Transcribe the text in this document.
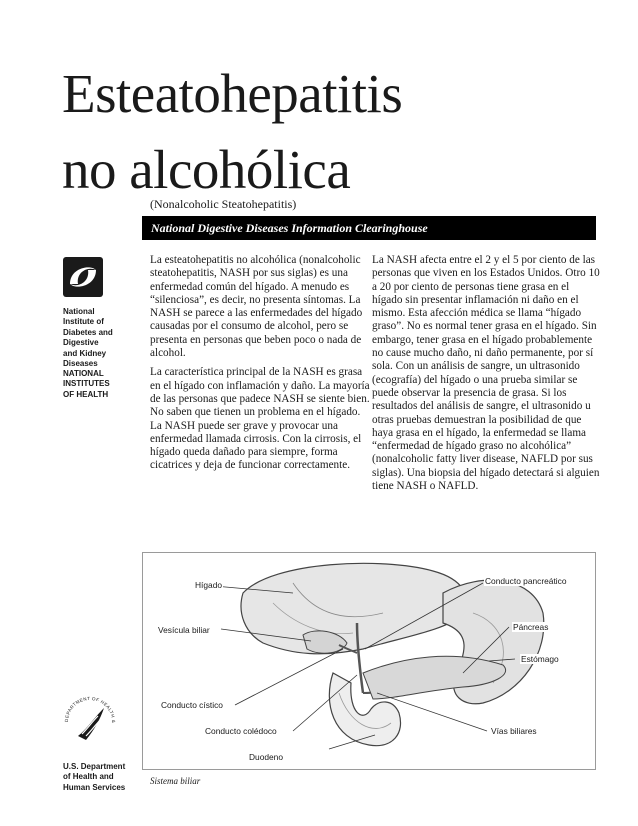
Esteatohepatitis
no alcohólica
(Nonalcoholic Steatohepatitis)
National Digestive Diseases Information Clearinghouse
National
Institute of
Diabetes and
Digestive
and Kidney
Diseases
NATIONAL
INSTITUTES
OF HEALTH
DEPARTMENT OF HEALTH &
U.S. Department
of Health and
Human Services

La esteatohepatitis no alcohólica (nonalcoholic steatohepatitis, NASH por sus siglas) es una enfermedad común del hígado. A menudo es “silenciosa”, es decir, no presenta síntomas. La NASH se parece a las enfermedades del hígado causadas por el consumo de alcohol, pero se presenta en personas que beben poco o nada de alcohol.

La característica principal de la NASH es grasa en el hígado con inflamación y daño. La mayoría de las personas que padece NASH se siente bien. No saben que tienen un problema en el hígado. La NASH puede ser grave y provocar una enfermedad llamada cirrosis. Con la cirrosis, el hígado queda dañado para siempre, forma cicatrices y deja de funcionar correctamente.

La NASH afecta entre el 2 y el 5 por ciento de las personas que viven en los Estados Unidos. Otro 10 a 20 por ciento de personas tiene grasa en el hígado sin presentar inflamación ni daño en el mismo. Esta afección médica se llama “hígado graso”. No es normal tener grasa en el hígado. Sin embargo, tener grasa en el hígado probablemente no cause mucho daño, ni daño permanente, por sí sola. Con un análisis de sangre, un ultrasonido (ecografía) del hígado o una prueba similar se puede observar la presencia de grasa. Si los resultados del análisis de sangre, el ultrasonido u otras pruebas demuestran la posibilidad de que haya grasa en el hígado, la enfermedad se llama “enfermedad de hígado graso no alcohólica” (nonalcoholic fatty liver disease, NAFLD por sus siglas). Una biopsia del hígado detectará si alguien tiene NASH o NAFLD.

Hígado
Vesícula biliar
Conducto cístico
Conducto colédoco
Duodeno
Conducto pancreático
Páncreas
Estómago
Vías biliares
Sistema biliar
